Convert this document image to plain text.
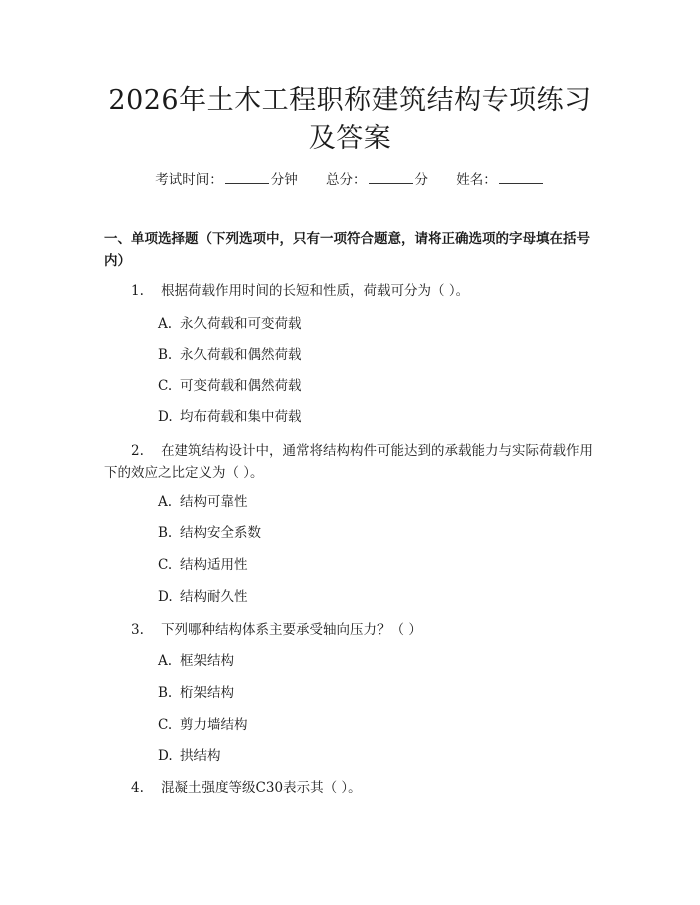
2026年土木工程职称建筑结构专项练习及答案
考试时间：	分钟 总分：	分 姓名：
一、单项选择题（下列选项中，只有一项符合题意，请将正确选项的字母填在括号内）
1. 根据荷载作用时间的长短和性质，荷载可分为（ ）。
A. 永久荷载和可变荷载
B. 永久荷载和偶然荷载
C. 可变荷载和偶然荷载
D. 均布荷载和集中荷载
2. 在建筑结构设计中，通常将结构构件可能达到的承载能力与实际荷载作用下的效应之比定义为（ ）。
A. 结构可靠性
B. 结构安全系数
C. 结构适用性
D. 结构耐久性
3. 下列哪种结构体系主要承受轴向压力？（ ）
A. 框架结构
B. 桁架结构
C. 剪力墙结构
D. 拱结构
4. 混凝土强度等级C30表示其（ ）。
